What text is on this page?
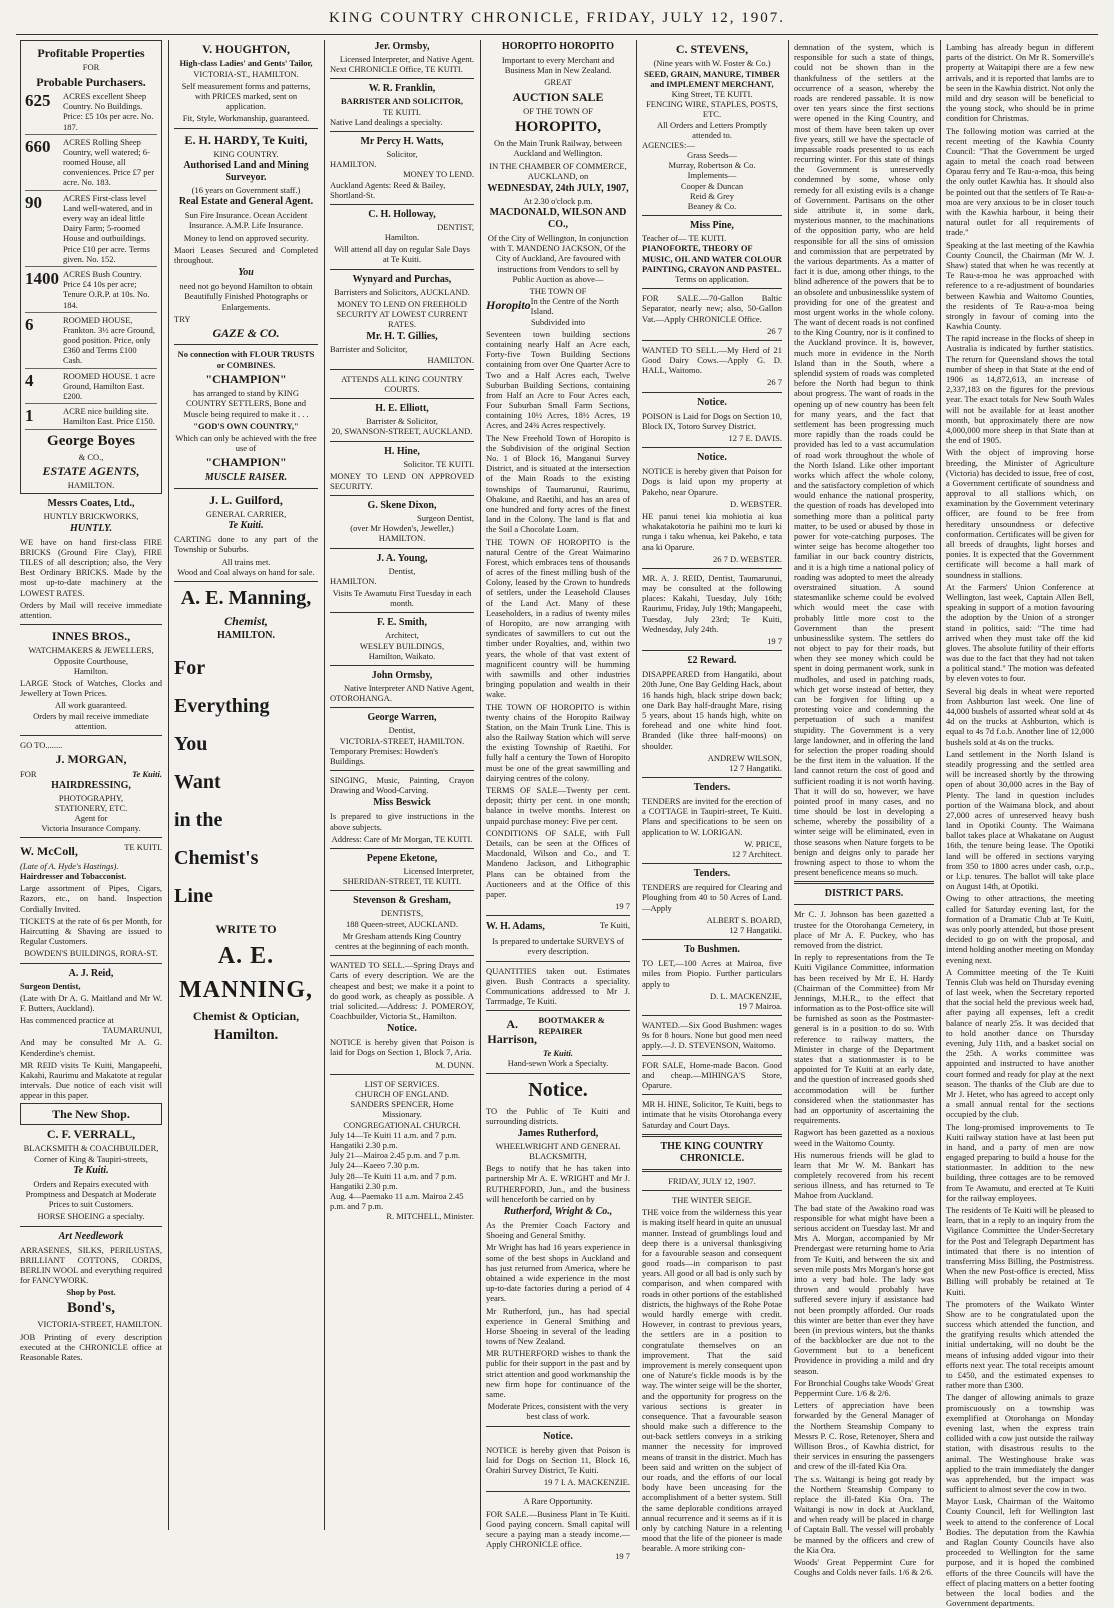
KING COUNTRY CHRONICLE, FRIDAY, JULY 12, 1907.
Profitable Properties
FOR
Probable Purchasers.
625	ACRES excellent Sheep Country. No Buildings. Price: £5 10s per acre. No. 187.
660	ACRES Rolling Sheep Country, well watered; 6-roomed House, all conveniences. Price £7 per acre. No. 183.
90	ACRES First-class level Land well-watered, and in every way an ideal little Dairy Farm; 5-roomed House and outbuildings. Price £10 per acre. Terms given. No. 152.
1400 ACRES Bush Country. Price £4 10s per acre; Tenure O.R.P. at 10s. No. 184.
6	ROOMED HOUSE, Frankton. 3½ acre Ground, good position. Price, only £360 and Terms £100 Cash.
4	ROOMED HOUSE. 1 acre Ground, Hamilton East. £200.
1	ACRE nice building site. Hamilton East. Price £150.
George Boyes
& CO.,
ESTATE AGENTS,
HAMILTON.
Messrs Coates, Ltd.,
HUNTLY BRICKWORKS,
HUNTLY.

WE have on hand first-class FIRE BRICKS (Ground Fire Clay), FIRE TILES of all description; also, the Very Best Ordinary BRICKS. Made by the most up-to-date machinery at the LOWEST RATES.

Orders by Mail will receive immediate attention.

INNES BROS.,
WATCHMAKERS & JEWELLERS,
Opposite Courthouse,
Hamilton.

LARGE Stock of Watches, Clocks and Jewellery at Town Prices.

All work guaranteed.
Orders by mail receive immediate attention.
GO TO........
J. MORGAN,
FOR	Te Kuiti.
HAIRDRESSING,
PHOTOGRAPHY,
STATIONERY, ETC.
Agent for
Victoria Insurance Company.
W. McColl,	TE KUITI.
(Late of A. Hyde's Hastings).
Hairdresser and Tobacconist.

Large assortment of Pipes, Cigars, Razors, etc., on hand. Inspection Cordially Invited.

TICKETS at the rate of 6s per Month, for Haircutting & Shaving are issued to Regular Customers.

BOWDEN'S BUILDINGS, RORA-ST.
A. J. Reid,
Surgeon Dentist,

(Late with Dr A. G. Maitland and Mr W. F. Butters, Auckland).

Has commenced practice at
TAUMARUNUI,

And may be consulted Mr A. G. Kenderdine's chemist.

MR REID visits Te Kuiti, Mangapeehi, Kakahi, Raurimu and Makatote at regular intervals. Due notice of each visit will appear in this paper.

The New Shop.
C. F. VERRALL,
BLACKSMITH & COACHBUILDER,
Corner of King & Taupiri-streets,
Te Kuiti.

Orders and Repairs executed with Promptness and Despatch at Moderate Prices to suit Customers.

HORSE SHOEING a specialty.
Art Needlework

ARRASENES, SILKS, PERILUSTAS, BRILLIANT COTTONS, CORDS, BERLIN WOOL and everything required for FANCYWORK.

Shop by Post.
Bond's,
VICTORIA-STREET, HAMILTON.

JOB Printing of every description executed at the CHRONICLE office at Reasonable Rates.

V. HOUGHTON,
High-class Ladies' and Gents' Tailor,
VICTORIA-ST., HAMILTON.

Self measurement forms and patterns, with PRICES marked, sent on application.

Fit, Style, Workmanship, guaranteed.
E. H. HARDY, Te Kuiti,
KING COUNTRY.
Authorised Land and Mining Surveyor.
(16 years on Government staff.)
Real Estate and General Agent.

Sun Fire Insurance. Ocean Accident Insurance. A.M.P. Life Insurance.

Money to lend on approved security.

Maori Leases Secured and Completed throughout.

You

need not go beyond Hamilton to obtain Beautifully Finished Photographs or Enlargements.

TRY
GAZE & CO.
No connection with FLOUR TRUSTS or COMBINES.
"CHAMPION"

has arranged to stand by KING COUNTRY SETTLERS, Bone and Muscle being required to make it . . .

"GOD'S OWN COUNTRY,"

Which can only be achieved with the free use of

"CHAMPION"
MUSCLE RAISER.
J. L. Guilford,
GENERAL CARRIER,
Te Kuiti.

CARTING done to any part of the Township or Suburbs.

All trains met.
Wood and Coal always on hand for sale.
A. E. Manning,
Chemist,
HAMILTON.
For
Everything
You
Want
in the
Chemist's
Line
WRITE TO
A. E.
MANNING,
Chemist & Optician,
Hamilton.
Jer. Ormsby,
Licensed Interpreter, and Native Agent.
Next CHRONICLE Office, TE KUITI.
W. R. Franklin,
BARRISTER AND SOLICITOR,
TE KUITI.
Native Land dealings a specialty.
Mr Percy H. Watts,
Solicitor,
HAMILTON.
MONEY TO LEND.
Auckland Agents: Reed & Bailey, Shortland-St.
C. H. Holloway,
DENTIST,
Hamilton.

Will attend all day on regular Sale Days at Te Kuiti.

Wynyard and Purchas,
Barristers and Solicitors, AUCKLAND.

MONEY TO LEND ON FREEHOLD SECURITY AT LOWEST CURRENT RATES.

Mr. H. T. Gillies,
Barrister and Solicitor,
HAMILTON.
ATTENDS ALL KING COUNTRY COURTS.
H. E. Elliott,
Barrister & Solicitor,
20, SWANSON-STREET, AUCKLAND.
H. Hine,
Solicitor. TE KUITI.

MONEY TO LEND ON APPROVED SECURITY.

G. Skene Dixon,
Surgeon Dentist,
(over Mr Howden's, Jeweller,) HAMILTON.
J. A. Young,
Dentist,
HAMILTON.

Visits Te Awamutu First Tuesday in each month.

F. E. Smith,
Architect,
WESLEY BUILDINGS,
Hamilton, Waikato.
John Ormsby,
Native Interpreter AND Native Agent,
OTOROHANGA.
George Warren,
Dentist,
VICTORIA-STREET, HAMILTON.
Temporary Premises: Howden's Buildings.

SINGING, Music, Painting, Crayon Drawing and Wood-Carving.

Miss Beswick

Is prepared to give instructions in the above subjects.

Address: Care of Mr Morgan, TE KUITI.
Pepene Eketone,
Licensed Interpreter,
SHERIDAN-STREET, TE KUITI.
Stevenson & Gresham,
DENTISTS,
188 Queen-street, AUCKLAND.

Mr Gresham attends King Country centres at the beginning of each month.

WANTED TO SELL.—Spring Drays and Carts of every description. We are the cheapest and best; we make it a point to do good work, as cheaply as possible. A trial solicited.—Address: J. POMEROY, Coachbuilder, Victoria St., Hamilton.

Notice.

NOTICE is hereby given that Poison is laid for Dogs on Section 1, Block 7, Aria.

M. DUNN.
LIST OF SERVICES.
CHURCH OF ENGLAND.
SANDERS SPENCER, Home Missionary.
CONGREGATIONAL CHURCH.
July 14—Te Kuiti 11 a.m. and 7 p.m. Hangatiki 2.30 p.m.
July 21—Mairoa 2.45 p.m. and 7 p.m.
July 24—Kaeeo 7.30 p.m.
July 28—Te Kuiti 11 a.m. and 7 p.m. Hangatiki 2.30 p.m.
Aug. 4—Paemako 11 a.m. Mairoa 2.45 p.m. and 7 p.m.
R. MITCHELL, Minister.
HOROPITO HOROPITO

Important to every Merchant and Business Man in New Zealand.

GREAT
AUCTION SALE
OF THE TOWN OF
HOROPITO,

On the Main Trunk Railway, between Auckland and Wellington.

IN THE CHAMBER OF COMMERCE, AUCKLAND, on

WEDNESDAY, 24th JULY, 1907,
At 2.30 o'clock p.m.
MACDONALD, WILSON AND CO.,

Of the City of Wellington, In conjunction with T. MANDENO JACKSON, Of the City of Auckland, Are favoured with instructions from Vendors to sell by Public Auction as above—

THE TOWN OF
Horopito In the Centre of the North Island.
Subdivided into

Seventeen town building sections containing nearly Half an Acre each, Forty-five Town Building Sections containing from over One Quarter Acre to Two and a Half Acres each, Twelve Suburban Building Sections, containing from Half an Acre to Four Acres each, Four Suburban Small Farm Sections, containing 10½ Acres, 18½ Acres, 19 Acres, and 24¾ Acres respectively.

The New Freehold Town of Horopito is the Subdivision of the original Section No. 1 of Block 16, Manganui Survey District, and is situated at the intersection of the Main Roads to the existing townships of Taumarunui, Raurimu, Ohakune, and Raetihi, and has an area of one hundred and forty acres of the finest land in the Colony. The land is flat and the Soil a Chocolate Loam.

THE TOWN OF HOROPITO is the natural Centre of the Great Waimarino Forest, which embraces tens of thousands of acres of the finest milling bush of the Colony, leased by the Crown to hundreds of settlers, under the Leasehold Clauses of the Land Act. Many of these Leaseholders, in a radius of twenty miles of Horopito, are now arranging with syndicates of sawmillers to cut out the timber under Royalties, and, within two years, the whole of that vast extent of magnificent country will be humming with sawmills and other industries bringing population and wealth in their wake.

THE TOWN OF HOROPITO is within twenty chains of the Horopito Railway Station, on the Main Trunk Line. This is also the Railway Station which will serve the existing Township of Raetihi. For fully half a century the Town of Horopito must be one of the great sawmilling and dairying centres of the colony.

TERMS OF SALE—Twenty per cent. deposit; thirty per cent. in one month; balance in twelve months. Interest on unpaid purchase money: Five per cent.

CONDITIONS OF SALE, with Full Details, can be seen at the Offices of Macdonald, Wilson and Co., and T. Mandeno Jackson, and Lithographic Plans can be obtained from the Auctioneers and at the Office of this paper.

19 7
W. H. Adams,	Te Kuiti,

Is prepared to undertake SURVEYS of every description.

QUANTITIES taken out. Estimates given. Bush Contracts a speciality. Communications addressed to Mr J. Tarrmadge, Te Kuiti.

A. Harrison,
BOOTMAKER & REPAIRER
Te Kuiti.
Hand-sewn Work a Specialty.
Notice.

TO the Public of Te Kuiti and surrounding districts.

James Rutherford,
WHEELWRIGHT AND GENERAL BLACKSMITH,

Begs to notify that he has taken into partnership Mr A. E. WRIGHT and Mr J. RUTHERFORD, Jun., and the business will henceforth be carried on by

Rutherford, Wright & Co.,

As the Premier Coach Factory and Shoeing and General Smithy.

Mr Wright has had 16 years experience in some of the best shops in Auckland and has just returned from America, where he obtained a wide experience in the most up-to-date factories during a period of 4 years.

Mr Rutherford, jun., has had special experience in General Smithing and Horse Shoeing in several of the leading towns of New Zealand.

MR RUTHERFORD wishes to thank the public for their support in the past and by strict attention and good workmanship the new firm hope for continuance of the same.

Moderate Prices, consistent with the very best class of work.

Notice.

NOTICE is hereby given that Poison is laid for Dogs on Section 11, Block 16, Orahiri Survey District, Te Kuiti.

19 7 I. A. MACKENZIE.
A Rare Opportunity.

FOR SALE.—Business Plant in Te Kuiti. Good paying concern. Small capital will secure a paying man a steady income.—Apply CHRONICLE office.

19 7
C. STEVENS,
(Nine years with W. Foster & Co.)
SEED, GRAIN, MANURE, TIMBER and IMPLEMENT MERCHANT,
King Street, TE KUITI.
FENCING WIRE, STAPLES, POSTS, ETC.
All Orders and Letters Promptly attended to.
AGENCIES:—
Grass Seeds—
Murray, Robertson & Co.
Implements—
Cooper & Duncan
Reid & Grey
Beaney & Co.
Miss Pine,
Teacher of— TE KUITI.
PIANOFORTE, THEORY OF MUSIC, OIL AND WATER COLOUR PAINTING, CRAYON AND PASTEL.
Terms on application.

FOR SALE.—70-Gallon Baltic Separator, nearly new; also, 50-Gallon Vat.—Apply CHRONICLE Office.

26 7

WANTED TO SELL.—My Herd of 21 Good Dairy Cows.—Apply G. D. HALL, Waitomo.

26 7
Notice.

POISON is Laid for Dogs on Section 10, Block IX, Totoro Survey District.

12 7 E. DAVIS.
Notice.

NOTICE is hereby given that Poison for Dogs is laid upon my property at Pakeho, near Oparure.

D. WEBSTER.

HE panui tenei kia mohiotia ai kua whakatakotoria he paihini mo te kuri ki runga i taku whenua, kei Pakeho, e tata ana ki Oparure.

26 7 D. WEBSTER.

MR. A. J. REID, Dentist, Taumarunui, may be consulted at the following places: Kakahi, Tuesday, July 16th; Raurimu, Friday, July 19th; Mangapeehi, Tuesday, July 23rd; Te Kuiti, Wednesday, July 24th.

19 7
£2 Reward.

DISAPPEARED from Hangatiki, about 20th June, One Bay Gelding Hack, about 16 hands high, black stripe down back; one Dark Bay half-draught Mare, rising 5 years, about 15 hands high, white on forehead and one white hind foot. Branded (like three half-moons) on shoulder.

ANDREW WILSON,
12 7 Hangatiki.
Tenders.

TENDERS are invited for the erection of a COTTAGE in Taupiri-street, Te Kuiti. Plans and specifications to be seen on application to W. LORIGAN.

W. PRICE,
12 7 Architect.
Tenders.

TENDERS are required for Clearing and Ploughing from 40 to 50 Acres of Land.—Apply

ALBERT S. BOARD,
12 7 Hangatiki.
To Bushmen.

TO LET,—100 Acres at Mairoa, five miles from Piopio. Further particulars apply to

D. L. MACKENZIE,
19 7 Mairoa.

WANTED.—Six Good Bushmen: wages 9s for 8 hours. None but good men need apply.—J. D. STEVENSON, Waitomo.

FOR SALE, Home-made Bacon. Good and cheap.—MIHINGA'S Store, Oparure.

MR H. HINE, Solicitor, Te Kuiti, begs to intimate that he visits Otorohanga every Saturday and Court Days.

THE KING COUNTRY CHRONICLE.
FRIDAY, JULY 12, 1907.
THE WINTER SEIGE.

THE voice from the wilderness this year is making itself heard in quite an unusual manner. Instead of grumblings loud and deep there is a universal thanksgiving for a favourable season and consequent good roads—in comparison to past years. All good or all bad is only such by comparison, and when compared with roads in other portions of the established districts, the highways of the Rohe Potae would hardly emerge with credit. However, in contrast to previous years, the settlers are in a position to congratulate themselves on an improvement. That the said improvement is merely consequent upon one of Nature's fickle moods is by the way. The winter seige will be the shorter, and the opportunity for progress on the various sections is greater in consequence. That a favourable season should make such a difference to the out-back settlers conveys in a striking manner the necessity for improved means of transit in the district. Much has been said and written on the subject of our roads, and the efforts of our local body have been unceasing for the accomplishment of a better system. Still the same deplorable conditions arrayed annual recurrence and it seems as if it is only by catching Nature in a relenting mood that the life of the pioneer is made bearable. A more striking con-

demnation of the system, which is responsible for such a state of things, could not be shown than in the thankfulness of the settlers at the occurrence of a season, whereby the roads are rendered passable. It is now over ten years since the first sections were opened in the King Country, and most of them have been taken up over five years, still we have the spectacle of impassable roads presented to us each recurring winter. For this state of things the Government is unreservedly condemned by some, whose only remedy for all existing evils is a change of Government. Partisans on the other side attribute it, in some dark, mysterious manner, to the machinations of the opposition party, who are held responsible for all the sins of omission and commission that are perpetrated by the various departments. As a matter of fact it is due, among other things, to the blind adherence of the powers that be to an obsolete and unbusinesslike system of providing for one of the greatest and most urgent works in the whole colony. The want of decent roads is not confined to the King Country, nor is it confined to the Auckland province. It is, however, much more in evidence in the North Island than in the South, where a splendid system of roads was completed before the North had begun to think about progress. The want of roads in the opening up of new country has been felt for many years, and the fact that settlement has been progressing much more rapidly than the roads could be provided has led to a vast accumulation of road work throughout the whole of the North Island. Like other important works which affect the whole colony, and the satisfactory completion of which would enhance the national prosperity, the question of roads has developed into something more than a political party matter, to be used or abused by those in power for vote-catching purposes. The winter seige has become altogether too familiar in our back country districts, and it is a high time a national policy of roading was adopted to meet the already overstrained situation. A sound statesmanlike scheme could be evolved which would meet the case with probably little more cost to the Government than the present unbusinesslike system. The settlers do not object to pay for their roads, but when they see money which could be spent in doing permanent work, sunk in mudholes, and used in patching roads, which get worse instead of better, they can be forgiven for lifting up a protesting voice and condemning the perpetuation of such a manifest stupidity. The Government is a very large landowner, and in offering the land for selection the proper roading should be the first item in the valuation. If the land cannot return the cost of good and sufficient roading it is not worth having. That it will do so, however, we have pointed proof in many cases, and no time should be lost in developing a scheme, whereby the possibility of a winter seige will be eliminated, even in those seasons when Nature forgets to be benign and deigns only to parade her frowning aspect to those to whom the present beneficence means so much.

DISTRICT PARS.

Mr C. J. Johnson has been gazetted a trustee for the Otorohanga Cemetery, in place of Mr A. F. Puckey, who has removed from the district.

In reply to representations from the Te Kuiti Vigilance Committee, information has been received by Mr E. H. Hardy (Chairman of the Committee) from Mr Jennings, M.H.R., to the effect that information as to the Post-office site will be furnished as soon as the Postmaster-general is in a position to do so. With reference to railway matters, the Minister in charge of the Department states that a stationmaster is to be appointed for Te Kuiti at an early date, and the question of increased goods shed accommodation will be further considered when the stationmaster has had an opportunity of ascertaining the requirements.

Ragwort has been gazetted as a noxious weed in the Waitomo County.

His numerous friends will be glad to learn that Mr W. M. Bankart has completely recovered from his recent serious illness, and has returned to Te Mahoe from Auckland.

The bad state of the Awakino road was responsible for what might have been a serious accident on Tuesday last. Mr and Mrs A. Morgan, accompanied by Mr Prendergast were returning home to Aria from Te Kuiti, and between the six and seven mile posts Mrs Morgan's horse got into a very bad hole. The lady was thrown and would probably have suffered severe injury if assistance had not been promptly afforded. Our roads this winter are better than ever they have been (in previous winters, but the thanks of the backblocker are due not to the Government but to a beneficent Providence in providing a mild and dry season.

For Bronchial Coughs take Woods' Great Peppermint Cure. 1/6 & 2/6.

Letters of appreciation have been forwarded by the General Manager of the Northern Steamship Company to Messrs P. C. Rose, Retenoyer, Shera and Willison Bros., of Kawhia district, for their services in ensuring the passengers and crew of the ill-fated Kia Ora.

The s.s. Waitangi is being got ready by the Northern Steamship Company to replace the ill-fated Kia Ora. The Waitangi is now in dock at Auckland, and when ready will be placed in charge of Captain Ball. The vessel will probably be manned by the officers and crew of the Kia Ora.

Woods' Great Peppermint Cure for Coughs and Colds never fails. 1/6 & 2/6.

Lambing has already begun in different parts of the district. On Mr R. Somerville's property at Waitapipi there are a few new arrivals, and it is reported that lambs are to be seen in the Kawhia district. Not only the mild and dry season will be beneficial to the young stock, who should be in prime condition for Christmas.

The following motion was carried at the recent meeting of the Kawhia County Council: "That the Government be urged again to metal the coach road between Oparau ferry and Te Rau-a-moa, this being the only outlet Kawhia has. It should also be pointed out that the settlers of Te Rau-a-moa are very anxious to be in closer touch with the Kawhia harbour, it being their natural outlet for all requirements of trade."

Speaking at the last meeting of the Kawhia County Council, the Chairman (Mr W. J. Shaw) stated that when he was recently at Te Rau-a-moa he was approached with reference to a re-adjustment of boundaries between Kawhia and Waitomo Counties, the residents of Te Rau-a-moa being strongly in favour of coming into the Kawhia County.

The rapid increase in the flocks of sheep in Australia is indicated by further statistics. The return for Queensland shows the total number of sheep in that State at the end of 1906 as 14,872,613, an increase of 2,337,183 on the figures for the previous year. The exact totals for New South Wales will not be available for at least another month, but approximately there are now 4,000,000 more sheep in that State than at the end of 1905.

With the object of improving horse breeding, the Minister of Agriculture (Victoria) has decided to issue, free of cost, a Government certificate of soundness and approval to all stallions which, on examination by the Government veterinary officer, are found to be free from hereditary unsoundness or defective conformation. Certificates will be given for all breeds of draughts, light horses and ponies. It is expected that the Government certificate will become a hall mark of soundness in stallions.

At the Farmers' Union Conference at Wellington, last week, Captain Allen Bell, speaking in support of a motion favouring the adoption by the Union of a stronger stand in politics, said: "The time had arrived when they must take off the kid gloves. The absolute futility of their efforts was due to the fact that they had not taken a political stand." The motion was defeated by eleven votes to four.

Several big deals in wheat were reported from Ashburton last week. One line of 44,000 bushels of assorted wheat sold at 4s 4d on the trucks at Ashburton, which is equal to 4s 7d f.o.b. Another line of 12,000 bushels sold at 4s on the trucks.

Land settlement in the North Island is steadily progressing and the settled area will be increased shortly by the throwing open of about 30,000 acres in the Bay of Plenty. The land in question includes portion of the Waimana block, and about 27,000 acres of unreserved heavy bush land in Opotiki County. The Waimana ballot takes place at Whakatane on August 16th, the tenure being lease. The Opotiki land will be offered in sections varying from 350 to 1800 acres under cash, o.r.p., or l.i.p. tenures. The ballot will take place on August 14th, at Opotiki.

Owing to other attractions, the meeting called for Saturday evening last, for the formation of a Dramatic Club at Te Kuiti, was only poorly attended, but those present decided to go on with the proposal, and intend holding another meeting on Monday evening next.

A Committee meeting of the Te Kuiti Tennis Club was held on Thursday evening of last week, when the Secretary reported that the social held the previous week had, after paying all expenses, left a credit balance of nearly 25s. It was decided that to hold another dance on Thursday evening, July 11th, and a basket social on the 25th. A works committee was appointed and instructed to have another court formed and ready for play at the next season. The thanks of the Club are due to Mr J. Hetet, who has agreed to accept only a small annual rental for the sections occupied by the club.

The long-promised improvements to Te Kuiti railway station have at last been put in hand, and a party of men are now engaged preparing to build a house for the stationmaster. In addition to the new building, three cottages are to be removed from Te Awamutu, and erected at Te Kuiti for the railway employees.

The residents of Te Kuiti will be pleased to learn, that in a reply to an inquiry from the Vigilance Committee the Under-Secretary for the Post and Telegraph Department has intimated that there is no intention of transferring Miss Billing, the Postmistress. When the new Post-office is erected, Miss Billing will probably be retained at Te Kuiti.

The promoters of the Waikato Winter Show are to be congratulated upon the success which attended the function, and the gratifying results which attended the initial undertaking, will no doubt be the means of infusing added vigour into their efforts next year. The total receipts amount to £450, and the estimated expenses to rather more than £300.

The danger of allowing animals to graze promiscuously on a township was exemplified at Otorohanga on Monday evening last, when the express train collided with a cow just outside the railway station, with disastrous results to the animal. The Westinghouse brake was applied to the train immediately the danger was apprehended, but the impact was sufficient to almost sever the cow in two.

Mayor Lusk, Chairman of the Waitomo County Council, left for Wellington last week to attend to the conference of Local Bodies. The deputation from the Kawhia and Raglan County Councils have also proceeded to Wellington for the same purpose, and it is hoped the combined efforts of the three Councils will have the effect of placing matters on a better footing between the local bodies and the Government departments.
